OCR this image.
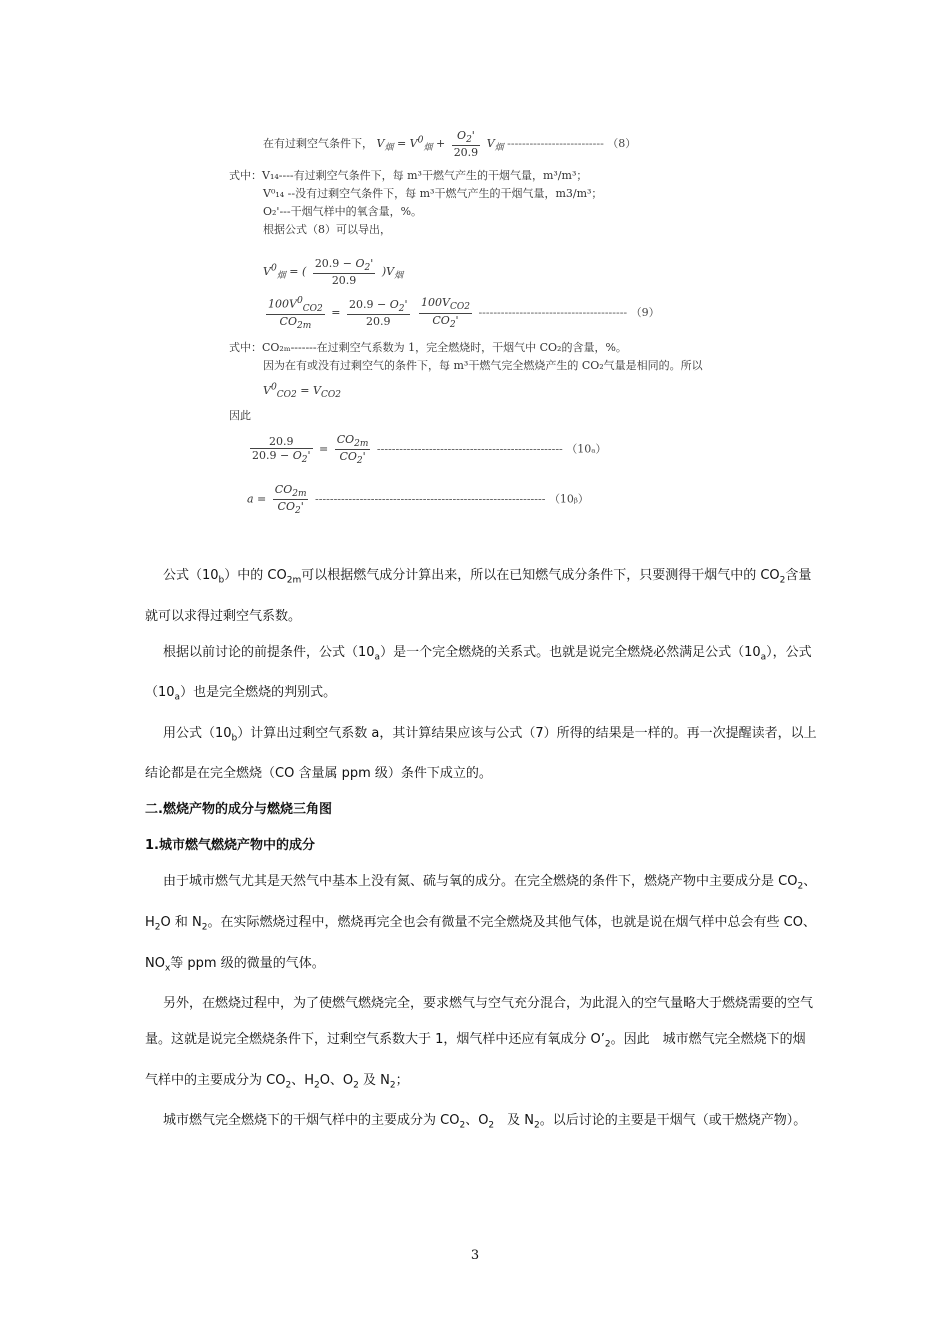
在有过剩空气条件下， $V_烟 = V^0_烟 + \frac{O_2'}{20.9} V_烟$ -------------------------- （8）
式中：V₁₄----有过剩空气条件下，每 m³干燃气产生的干烟气量，m³/m³；
V⁰₁₄ --没有过剩空气条件下，每 m³干燃气产生的干烟气量，m3/m³；
O₂'---干烟气样中的氧含量，%。
根据公式（8）可以导出，
$V^0_烟$ = ( $\frac{20.9 - O_2'}{20.9} )V_烟$
$\frac{100V^0_{CO2}}{CO_{2m}} = \frac{20.9 - O_2'}{20.9}$
$\frac{100V_{CO2}}{CO_2'}$ ---------------------------------------- （9）
式中：CO₂ₘ-------在过剩空气系数为 1，完全燃烧时，干烟气中 CO₂的含量，%。
因为在有或没有过剩空气的条件下，每 m³干燃气完全燃烧产生的 CO₂气量是相同的。所以
$V^0_{CO2} = V_{CO2}$
因此
$\frac{20.9}{20.9 - O_2'} = \frac{CO_{2m}}{CO_2'}$ -------------------------------------------------- （10ₐ）
$a = \frac{CO_{2m}}{CO_2'}$ -------------------------------------------------------------- （10ᵦ）

公式$(10_b)$中的 $CO_{2m}$可以根据燃气成分计算出来，所以在已知燃气成分条件下，只要测得干烟气中的 $CO_2$含量就可以求得过剩空气系数。

根据以前讨论的前提条件，公式$(10_a)$是一个完全燃烧的关系式。也就是说完全燃烧必然满足公式$(10_a)$，公式$(10_a)$也是完全燃烧的判别式。

用公式$(10_b)$计算出过剩空气系数 a，其计算结果应该与公式（7）所得的结果是一样的。再一次提醒读者，以上结论都是在完全燃烧（CO 含量属 ppm 级）条件下成立的。

二.燃烧产物的成分与燃烧三角图

1.城市燃气燃烧产物中的成分

由于城市燃气尤其是天然气中基本上没有氮、硫与氧的成分。在完全燃烧的条件下，燃烧产物中主要成分是 $CO_2$、$H_2O$ 和 $N_2$。在实际燃烧过程中，燃烧再完全也会有微量不完全燃烧及其他气体，也就是说在烟气样中总会有些 CO、$NO_x$等 ppm 级的微量的气体。

另外，在燃烧过程中，为了使燃气燃烧完全，要求燃气与空气充分混合，为此混入的空气量略大于燃烧需要的空气量。这就是说完全燃烧条件下，过剩空气系数大于 1，烟气样中还应有氧成分 $O’_2$。因此　城市燃气完全燃烧下的烟气样中的主要成分为 $CO_2$、$H_2O$、$O_2$ 及 $N_2$；

城市燃气完全燃烧下的干烟气样中的主要成分为 $CO_2$、$O_2$　及 $N_2$。以后讨论的主要是干烟气（或干燃烧产物）。

3
